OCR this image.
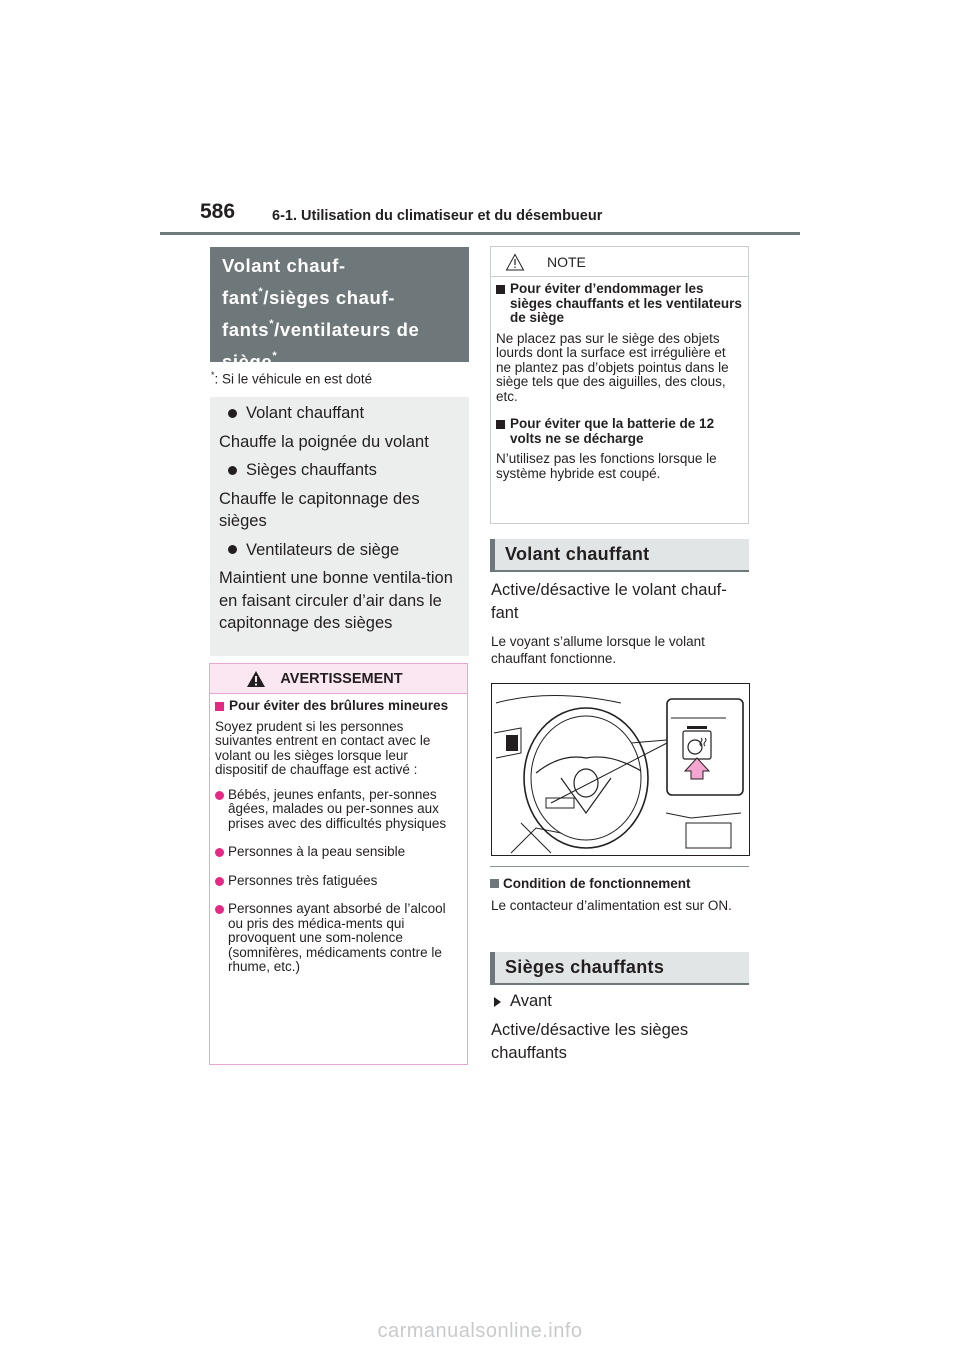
586	6-1. Utilisation du climatiseur et du désembueur
Volant chauf-
fant*/sièges chauf-
fants*/ventilateurs de
siège*
*: Si le véhicule en est doté
Volant chauffant
Chauffe la poignée du volant
Sièges chauffants
Chauffe le capitonnage des sièges
Ventilateurs de siège
Maintient une bonne ventila-tion en faisant circuler d’air dans le capitonnage des sièges
AVERTISSEMENT
Pour éviter des brûlures mineures
Soyez prudent si les personnes suivantes entrent en contact avec le volant ou les sièges lorsque leur dispositif de chauffage est activé :
Bébés, jeunes enfants, per-sonnes âgées, malades ou per-sonnes aux prises avec des difficultés physiques
Personnes à la peau sensible
Personnes très fatiguées
Personnes ayant absorbé de l’alcool ou pris des médica-ments qui provoquent une som-nolence (somnifères, médicaments contre le rhume, etc.)
NOTE
Pour éviter d’endommager les sièges chauffants et les ventilateurs de siège
Ne placez pas sur le siège des objets lourds dont la surface est irrégulière et ne plantez pas d’objets pointus dans le siège tels que des aiguilles, des clous, etc.
Pour éviter que la batterie de 12 volts ne se décharge
N’utilisez pas les fonctions lorsque le système hybride est coupé.
Volant chauffant
Active/désactive le volant chauf-fant
Le voyant s’allume lorsque le volant chauffant fonctionne.
Condition de fonctionnement
Le contacteur d’alimentation est sur ON.
Sièges chauffants
Avant
Active/désactive les sièges chauffants
carmanualsonline.info
